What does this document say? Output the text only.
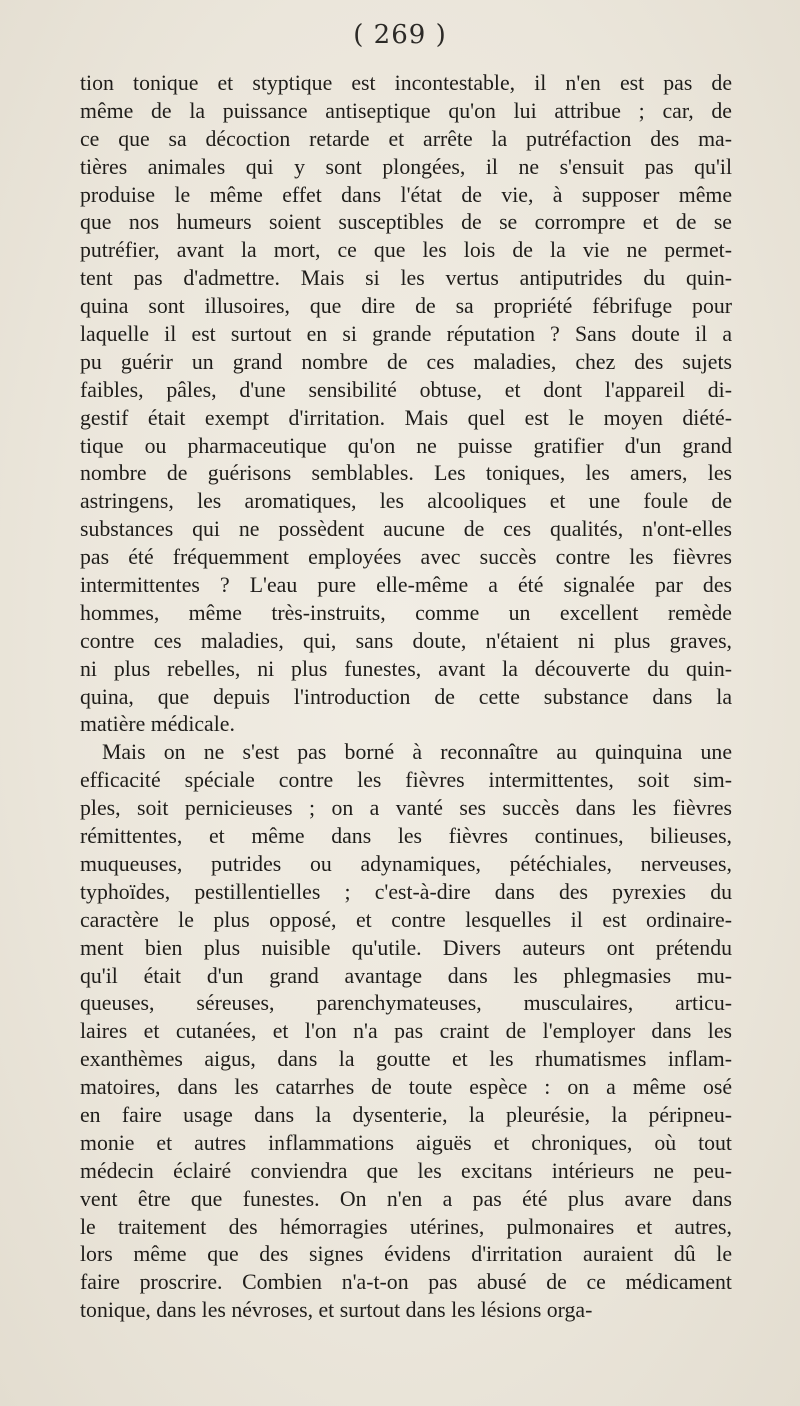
( 269 )
tion tonique et styptique est incontestable, il n'en est pas de
même de la puissance antiseptique qu'on lui attribue ; car, de
ce que sa décoction retarde et arrête la putréfaction des ma-
tières animales qui y sont plongées, il ne s'ensuit pas qu'il
produise le même effet dans l'état de vie, à supposer même
que nos humeurs soient susceptibles de se corrompre et de se
putréfier, avant la mort, ce que les lois de la vie ne permet-
tent pas d'admettre. Mais si les vertus antiputrides du quin-
quina sont illusoires, que dire de sa propriété fébrifuge pour
laquelle il est surtout en si grande réputation ? Sans doute il a
pu guérir un grand nombre de ces maladies, chez des sujets
faibles, pâles, d'une sensibilité obtuse, et dont l'appareil di-
gestif était exempt d'irritation. Mais quel est le moyen diété-
tique ou pharmaceutique qu'on ne puisse gratifier d'un grand
nombre de guérisons semblables. Les toniques, les amers, les
astringens, les aromatiques, les alcooliques et une foule de
substances qui ne possèdent aucune de ces qualités, n'ont-elles
pas été fréquemment employées avec succès contre les fièvres
intermittentes ? L'eau pure elle-même a été signalée par des
hommes, même très-instruits, comme un excellent remède
contre ces maladies, qui, sans doute, n'étaient ni plus graves,
ni plus rebelles, ni plus funestes, avant la découverte du quin-
quina, que depuis l'introduction de cette substance dans la
matière médicale.
Mais on ne s'est pas borné à reconnaître au quinquina une
efficacité spéciale contre les fièvres intermittentes, soit sim-
ples, soit pernicieuses ; on a vanté ses succès dans les fièvres
rémittentes, et même dans les fièvres continues, bilieuses,
muqueuses, putrides ou adynamiques, pétéchiales, nerveuses,
typhoïdes, pestillentielles ; c'est-à-dire dans des pyrexies du
caractère le plus opposé, et contre lesquelles il est ordinaire-
ment bien plus nuisible qu'utile. Divers auteurs ont prétendu
qu'il était d'un grand avantage dans les phlegmasies mu-
queuses, séreuses, parenchymateuses, musculaires, articu-
laires et cutanées, et l'on n'a pas craint de l'employer dans les
exanthèmes aigus, dans la goutte et les rhumatismes inflam-
matoires, dans les catarrhes de toute espèce : on a même osé
en faire usage dans la dysenterie, la pleurésie, la péripneu-
monie et autres inflammations aiguës et chroniques, où tout
médecin éclairé conviendra que les excitans intérieurs ne peu-
vent être que funestes. On n'en a pas été plus avare dans
le traitement des hémorragies utérines, pulmonaires et autres,
lors même que des signes évidens d'irritation auraient dû le
faire proscrire. Combien n'a-t-on pas abusé de ce médicament
tonique, dans les névroses, et surtout dans les lésions orga-
